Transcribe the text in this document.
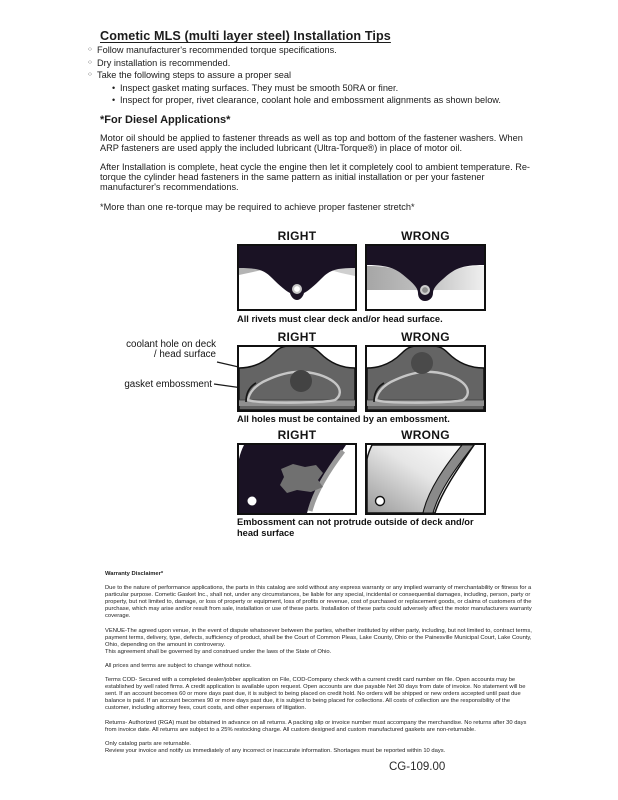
Cometic MLS (multi layer steel) Installation Tips
○ Follow manufacturer's recommended torque specifications.
○ Dry installation is recommended.
○ Take the following steps to assure a proper seal
• Inspect gasket mating surfaces. They must be smooth 50RA or finer.
• Inspect for proper, rivet clearance, coolant hole and embossment alignments as shown below.
*For Diesel Applications*

Motor oil should be applied to fastener threads as well as top and bottom of the fastener washers. When ARP fasteners are used apply the included lubricant (Ultra-Torque®) in place of motor oil.

After Installation is complete, heat cycle the engine then let it completely cool to ambient temperature. Re-torque the cylinder head fasteners in the same pattern as initial installation or per your fastener manufacturer's recommendations.

*More than one re-torque may be required to achieve proper fastener stretch*

RIGHT	WRONG
All rivets must clear deck and/or head surface.
RIGHT	WRONG
coolant hole on deck / head surface
gasket embossment
All holes must be contained by an embossment.
RIGHT	WRONG
Embossment can not protrude outside of deck and/or head surface

Warranty Disclaimer*

Due to the nature of performance applications, the parts in this catalog are sold without any express warranty or any implied warranty of merchantability or fitness for a particular purpose. Cometic Gasket Inc., shall not, under any circumstances, be liable for any special, incidental or consequential damages, including, person, party or property, but not limited to, damage, or loss of property or equipment, loss of profits or revenue, cost of purchased or replacement goods, or claims of customers of the purchase, which may arise and/or result from sale, installation or use of these parts. Installation of these parts could adversely affect the motor manufacturers warranty coverage.

VENUE-The agreed upon venue, in the event of dispute whatsoever between the parties, whether instituted by either party, including, but not limited to, contract terms, payment terms, delivery, type, defects, sufficiency of product, shall be the Court of Common Pleas, Lake County, Ohio or the Painesville Municipal Court, Lake County, Ohio, depending on the amount in controversy.

This agreement shall be governed by and construed under the laws of the State of Ohio.

All prices and terms are subject to change without notice.

Terms COD- Secured with a completed dealer/jobber application on File, COD-Company check with a current credit card number on file. Open accounts may be established by well rated firms. A credit application is available upon request. Open accounts are due payable Net 30 days from date of invoice. No statement will be sent. If an account becomes 60 or more days past due, it is subject to being placed on credit hold. No orders will be shipped or new orders accepted until past due balance is paid. If an account becomes 90 or more days past due, it is subject to being placed for collections. All costs of collection are the responsibility of the customer, including attorney fees, court costs, and other expenses of litigation.

Returns- Authorized (RGA) must be obtained in advance on all returns. A packing slip or invoice number must accompany the merchandise. No returns after 30 days from invoice date. All returns are subject to a 25% restocking charge. All custom designed and custom manufactured gaskets are non-returnable.

Only catalog parts are returnable.

Review your invoice and notify us immediately of any incorrect or inaccurate information. Shortages must be reported within 10 days.

CG-109.00
